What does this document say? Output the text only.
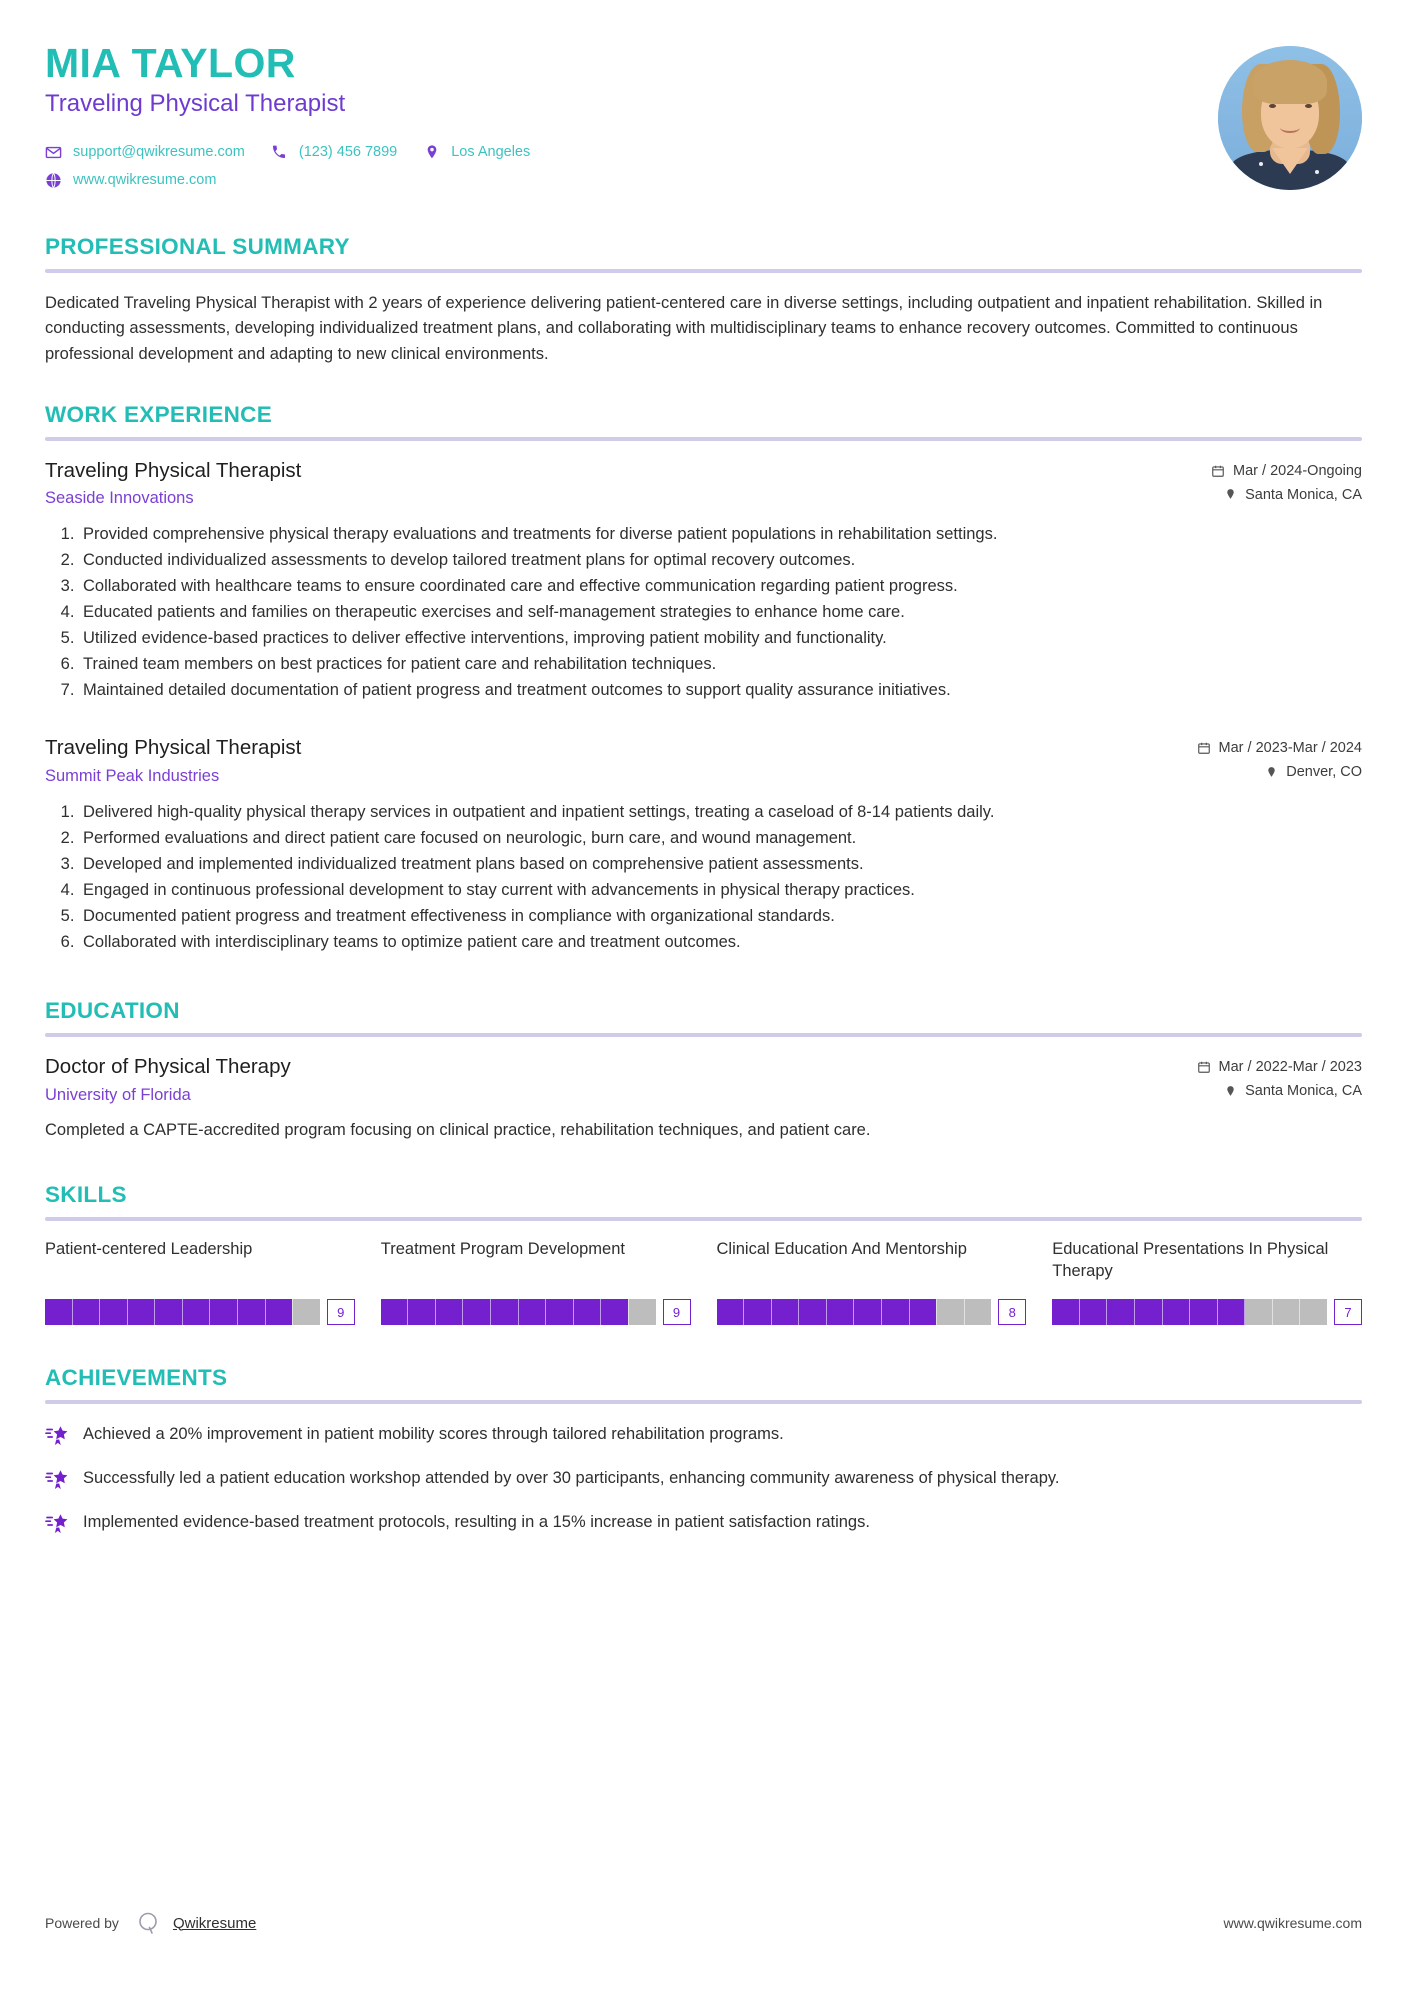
MIA TAYLOR
Traveling Physical Therapist
support@qwikresume.com	(123) 456 7899	Los Angeles
www.qwikresume.com
PROFESSIONAL SUMMARY

Dedicated Traveling Physical Therapist with 2 years of experience delivering patient-centered care in diverse settings, including outpatient and inpatient rehabilitation. Skilled in conducting assessments, developing individualized treatment plans, and collaborating with multidisciplinary teams to enhance recovery outcomes. Committed to continuous professional development and adapting to new clinical environments.

WORK EXPERIENCE
Traveling Physical Therapist
Seaside Innovations
Mar / 2024-Ongoing
Santa Monica, CA
1. Provided comprehensive physical therapy evaluations and treatments for diverse patient populations in rehabilitation settings.
2. Conducted individualized assessments to develop tailored treatment plans for optimal recovery outcomes.
3. Collaborated with healthcare teams to ensure coordinated care and effective communication regarding patient progress.
4. Educated patients and families on therapeutic exercises and self-management strategies to enhance home care.
5. Utilized evidence-based practices to deliver effective interventions, improving patient mobility and functionality.
6. Trained team members on best practices for patient care and rehabilitation techniques.
7. Maintained detailed documentation of patient progress and treatment outcomes to support quality assurance initiatives.
Traveling Physical Therapist
Summit Peak Industries
Mar / 2023-Mar / 2024
Denver, CO
1. Delivered high-quality physical therapy services in outpatient and inpatient settings, treating a caseload of 8-14 patients daily.
2. Performed evaluations and direct patient care focused on neurologic, burn care, and wound management.
3. Developed and implemented individualized treatment plans based on comprehensive patient assessments.
4. Engaged in continuous professional development to stay current with advancements in physical therapy practices.
5. Documented patient progress and treatment effectiveness in compliance with organizational standards.
6. Collaborated with interdisciplinary teams to optimize patient care and treatment outcomes.
EDUCATION
Doctor of Physical Therapy
University of Florida
Mar / 2022-Mar / 2023
Santa Monica, CA

Completed a CAPTE-accredited program focusing on clinical practice, rehabilitation techniques, and patient care.

SKILLS
Patient-centered Leadership
9
Treatment Program Development
9
Clinical Education And Mentorship
8
Educational Presentations In Physical Therapy
7
ACHIEVEMENTS
Achieved a 20% improvement in patient mobility scores through tailored rehabilitation programs.
Successfully led a patient education workshop attended by over 30 participants, enhancing community awareness of physical therapy.
Implemented evidence-based treatment protocols, resulting in a 15% increase in patient satisfaction ratings.
Powered by	Qwikresume	www.qwikresume.com
